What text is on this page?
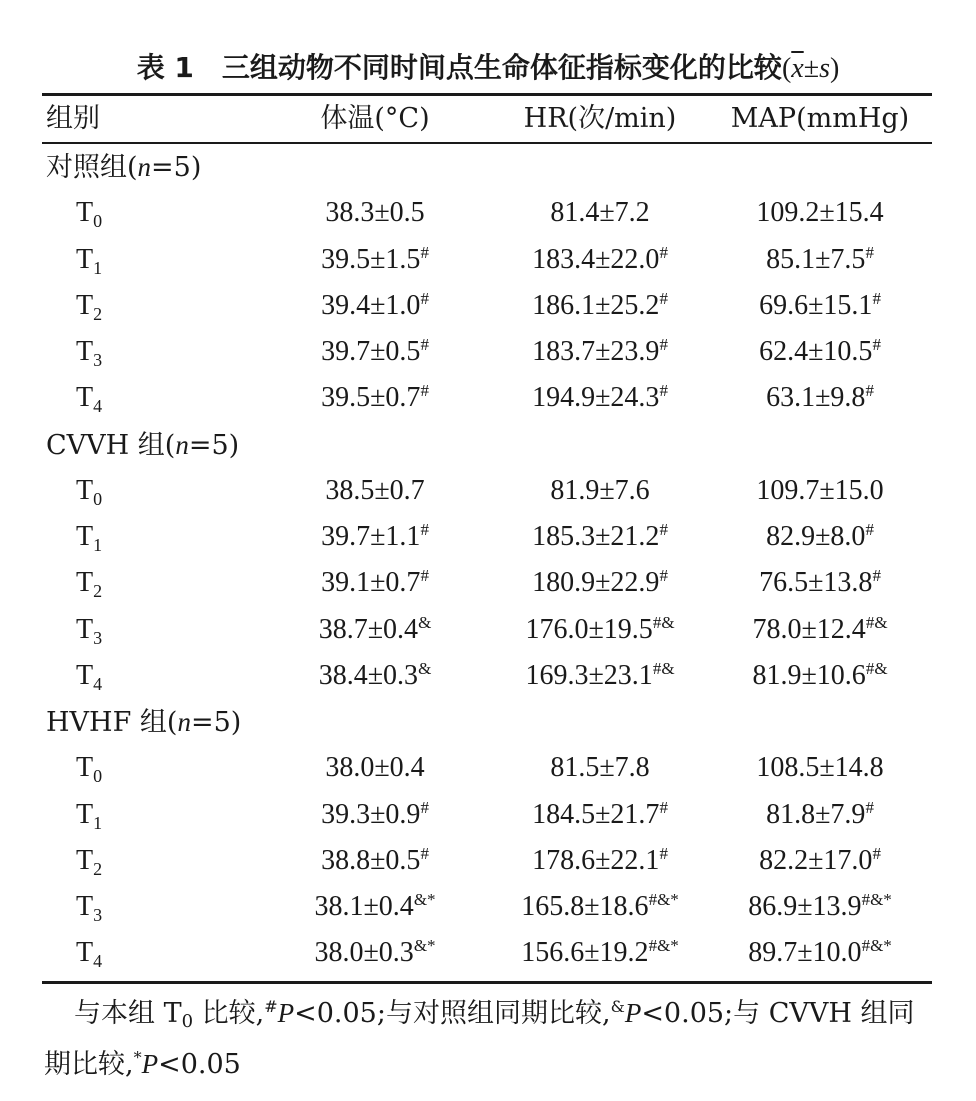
表 1 三组动物不同时间点生命体征指标变化的比较$(\overline{x}\pm s)$
组别	体温(°C)	HR(次/min)	MAP(mmHg)
对照组(n=5)
$T_0$	38.3±0.5	81.4±7.2	109.2±15.4
$T_1$	39.5±1.5#	183.4±22.0#	85.1±7.5#
$T_2$	39.4±1.0#	186.1±25.2#	69.6±15.1#
$T_3$	39.7±0.5#	183.7±23.9#	62.4±10.5#
$T_4$	39.5±0.7#	194.9±24.3#	63.1±9.8#
CVVH 组(n=5)
$T_0$	38.5±0.7	81.9±7.6	109.7±15.0
$T_1$	39.7±1.1#	185.3±21.2#	82.9±8.0#
$T_2$	39.1±0.7#	180.9±22.9#	76.5±13.8#
$T_3$	38.7±0.4&	176.0±19.5#&	78.0±12.4#&
$T_4$	38.4±0.3&	169.3±23.1#&	81.9±10.6#&
HVHF 组(n=5)
$T_0$	38.0±0.4	81.5±7.8	108.5±14.8
$T_1$	39.3±0.9#	184.5±21.7#	81.8±7.9#
$T_2$	38.8±0.5#	178.6±22.1#	82.2±17.0#
$T_3$	38.1±0.4&*	165.8±18.6#&*	86.9±13.9#&*
$T_4$	38.0±0.3&*	156.6±19.2#&*	89.7±10.0#&*
与本组 $T_0$ 比较,#P<0.05;与对照组同期比较,&P<0.05;与 CVVH 组同期比较,*P<0.05
